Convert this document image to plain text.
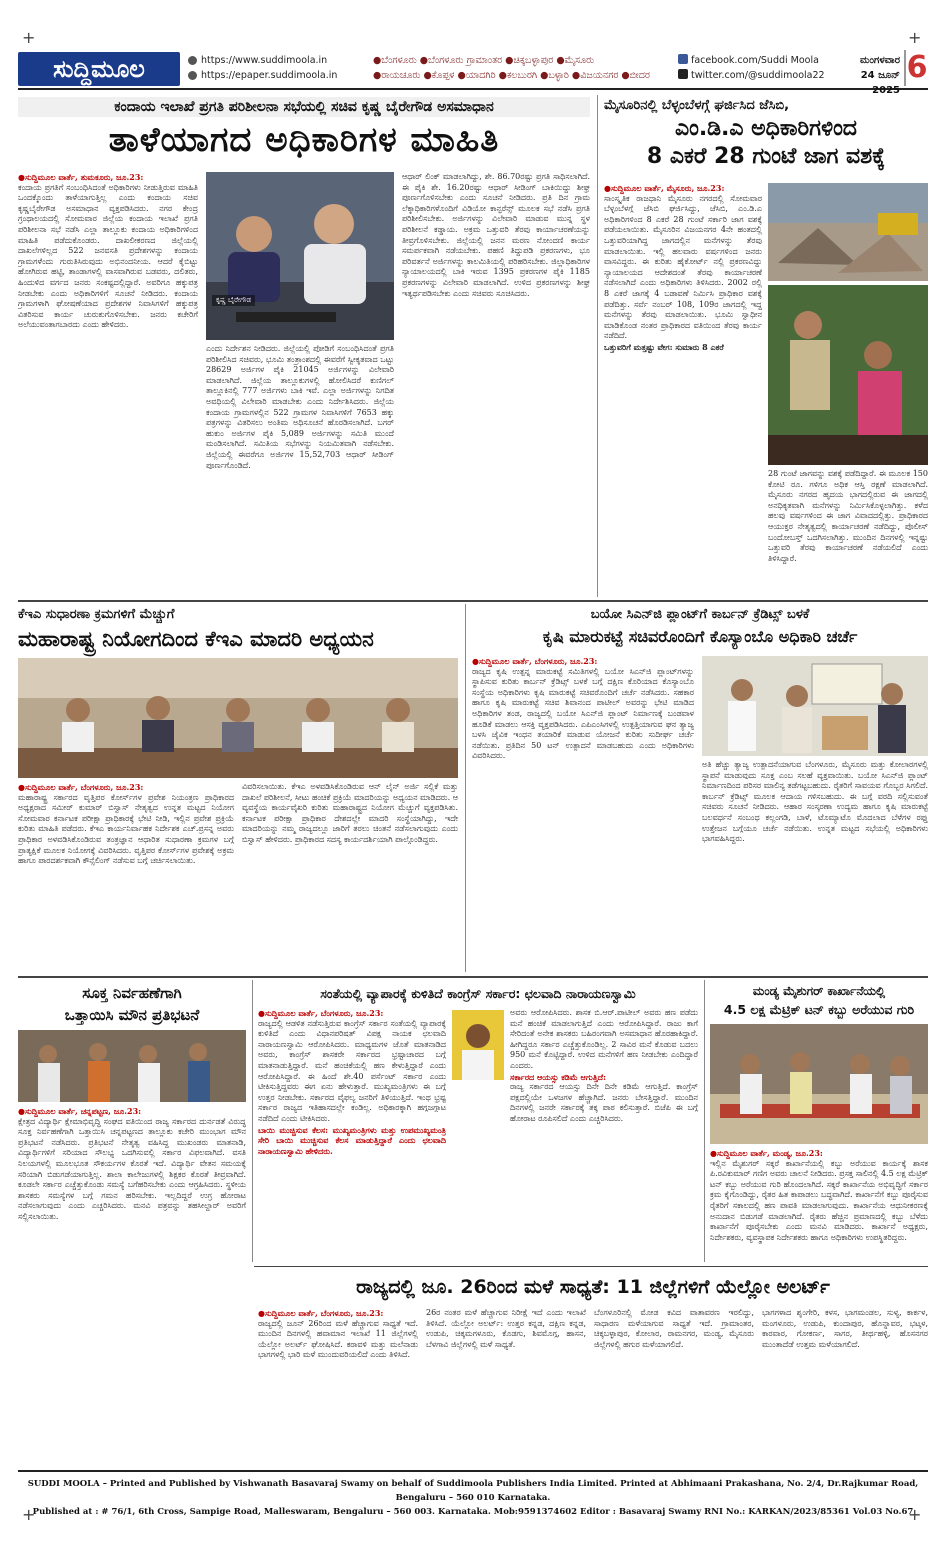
+	+
+	+
ಸುದ್ದಿಮೂಲ	https://www.suddimoola.in
https://epaper.suddimoola.in
●ಬೆಂಗಳೂರು ●ಬೆಂಗಳೂರು ಗ್ರಾಮಾಂತರ ●ಚಿಕ್ಕಬಳ್ಳಾಪುರ ●ಮೈಸೂರು
●ರಾಯಚೂರು ●ಕೊಪ್ಪಳ ●ಯಾದಗಿರಿ ●ಕಲಬುರಗಿ ●ಬಳ್ಳಾರಿ ●ವಿಜಯನಗರ ●ಬೀದರ
facebook.com/Suddi Moola
twitter.com/@suddimoola22
ಮಂಗಳವಾರ
24 ಜೂನ್ 2025
6
ಕಂದಾಯ ಇಲಾಖೆ ಪ್ರಗತಿ ಪರಿಶೀಲನಾ ಸಭೆಯಲ್ಲಿ ಸಚಿವ ಕೃಷ್ಣ ಬೈರೇಗೌಡ ಅಸಮಾಧಾನ
ತಾಳೆಯಾಗದ ಅಧಿಕಾರಿಗಳ ಮಾಹಿತಿ
●ಸುದ್ದಿಮೂಲ ವಾರ್ತೆ, ತುಮಕೂರು, ಜೂ.23:
ಕಂದಾಯ ಪ್ರಗತಿಗೆ ಸಂಬಂಧಿಸಿದಂತೆ ಅಧಿಕಾರಿಗಳು ನೀಡುತ್ತಿರುವ ಮಾಹಿತಿ ಒಂದಕ್ಕೊಂದು ತಾಳೆಯಾಗುತ್ತಿಲ್ಲ ಎಂದು ಕಂದಾಯ ಸಚಿವ ಕೃಷ್ಣಬೈರೇಗೌಡ ಅಸಮಾಧಾನ ವ್ಯಕ್ತಪಡಿಸಿದರು. ನಗರ ಕೇಂದ್ರ ಗ್ರಂಥಾಲಯದಲ್ಲಿ ಸೋಮವಾರ ಜಿಲ್ಲೆಯ ಕಂದಾಯ ಇಲಾಖೆ ಪ್ರಗತಿ ಪರಿಶೀಲನಾ ಸಭೆ ನಡೆಸಿ ಎಲ್ಲಾ ತಾಲ್ಲೂಕು ಕಂದಾಯ ಅಧಿಕಾರಿಗಳಿಂದ ಮಾಹಿತಿ ಪಡೆದುಕೊಂಡರು. ದಾಖಲೀಕರಣದ ಜಿಲ್ಲೆಯಲ್ಲಿ ದಾಖಲೆಗಳಿಲ್ಲದ 522 ಜನವಸತಿ ಪ್ರದೇಶಗಳನ್ನು ಕಂದಾಯ ಗ್ರಾಮಗಳೆಂದು ಗುರುತಿಸಿರುವುದು ಅಭಿನಂದನೀಯ. ಆದರೆ ಕೈಬಿಟ್ಟು ಹೋಗಿರುವ ಹಟ್ಟಿ, ತಾಂಡಾಗಳಲ್ಲಿ ವಾಸವಾಗಿರುವ ಬಡವರು, ದಲಿತರು, ಹಿಂದುಳಿದ ವರ್ಗದ ಜನರು ಸಂಕಷ್ಟದಲ್ಲಿದ್ದಾರೆ. ಅವರಿಗೂ ಹಕ್ಕುಪತ್ರ ನೀಡಬೇಕು ಎಂದು ಅಧಿಕಾರಿಗಳಿಗೆ ಸೂಚನೆ ನೀಡಿದರು. ಕಂದಾಯ ಗ್ರಾಮಗಳಾಗಿ ಘೋಷಣೆಯಾದ ಪ್ರದೇಶಗಳ ನಿವಾಸಿಗಳಿಗೆ ಹಕ್ಕುಪತ್ರ ವಿತರಿಸುವ ಕಾರ್ಯ ಚುರುಕುಗೊಳಿಸಬೇಕು. ಜನರು ಕಚೇರಿಗೆ ಅಲೆಯುವಂತಾಗಬಾರದು ಎಂದು ಹೇಳಿದರು.
ಕೃಷ್ಣ ಬೈರೇಗೌಡ
ಎಂದು ನಿರ್ದೇಶನ ನೀಡಿದರು. ಜಿಲ್ಲೆಯಲ್ಲಿ ಪೋಡಿಗೆ ಸಂಬಂಧಿಸಿದಂತೆ ಪ್ರಗತಿ ಪರಿಶೀಲಿಸಿದ ಸಚಿವರು, ಭೂಮಿ ತಂತ್ರಾಂಶದಲ್ಲಿ ಈವರೆಗೆ ಸ್ವೀಕೃತವಾದ ಒಟ್ಟು 28629 ಅರ್ಜಿಗಳ ಪೈಕಿ 21045 ಅರ್ಜಿಗಳನ್ನು ವಿಲೇವಾರಿ ಮಾಡಲಾಗಿದೆ. ಜಿಲ್ಲೆಯ ತಾಲ್ಲೂಕುಗಳಲ್ಲಿ ಹೋಲಿಸಿದರೆ ಕುಣಿಗಲ್ ತಾಲ್ಲೂಕಿನಲ್ಲಿ 777 ಅರ್ಜಿಗಳು ಬಾಕಿ ಇವೆ. ಎಲ್ಲಾ ಅರ್ಜಿಗಳನ್ನು ನಿಗದಿತ ಅವಧಿಯಲ್ಲಿ ವಿಲೇವಾರಿ ಮಾಡಬೇಕು ಎಂದು ನಿರ್ದೇಶಿಸಿದರು. ಜಿಲ್ಲೆಯ ಕಂದಾಯ ಗ್ರಾಮಗಳಲ್ಲಿನ 522 ಗ್ರಾಮಗಳ ನಿವಾಸಿಗಳಿಗೆ 7653 ಹಕ್ಕು ಪತ್ರಗಳನ್ನು ವಿತರಿಸಲು ಅಂತಿಮ ಅಧಿಸೂಚನೆ ಹೊರಡಿಸಲಾಗಿದೆ. ಬಗರ್ ಹುಕುಂ ಅರ್ಜಿಗಳ ಪೈಕಿ 5,089 ಅರ್ಜಿಗಳನ್ನು ಸಮಿತಿ ಮುಂದೆ ಮಂಡಿಸಲಾಗಿದೆ. ಸಮಿತಿಯ ಸಭೆಗಳನ್ನು ನಿಯಮಿತವಾಗಿ ನಡೆಸಬೇಕು. ಜಿಲ್ಲೆಯಲ್ಲಿ ಈವರೆಗೂ ಅರ್ಜಿಗಳ 15,52,703 ಆಧಾರ್ ಸೀಡಿಂಗ್ ಪೂರ್ಣಗೊಂಡಿದೆ.
ಆಧಾರ್ ಲಿಂಕ್ ಮಾಡಲಾಗಿದ್ದು, ಶೇ. 86.70ರಷ್ಟು ಪ್ರಗತಿ ಸಾಧಿಸಲಾಗಿದೆ. ಈ ಪೈಕಿ ಶೇ. 16.20ರಷ್ಟು ಆಧಾರ್ ಸೀಡಿಂಗ್ ಬಾಕಿಯಿದ್ದು ಶೀಘ್ರ ಪೂರ್ಣಗೊಳಿಸಬೇಕು ಎಂದು ಸೂಚನೆ ನೀಡಿದರು. ಪ್ರತಿ ದಿನ ಗ್ರಾಮ ಲೆಕ್ಕಾಧಿಕಾರಿಗಳೊಂದಿಗೆ ವಿಡಿಯೋ ಕಾನ್ಫರೆನ್ಸ್ ಮೂಲಕ ಸಭೆ ನಡೆಸಿ ಪ್ರಗತಿ ಪರಿಶೀಲಿಸಬೇಕು. ಅರ್ಜಿಗಳನ್ನು ವಿಲೇವಾರಿ ಮಾಡುವ ಮುನ್ನ ಸ್ಥಳ ಪರಿಶೀಲನೆ ಕಡ್ಡಾಯ. ಅಕ್ರಮ ಒತ್ತುವರಿ ತೆರವು ಕಾರ್ಯಾಚರಣೆಯನ್ನು ತೀವ್ರಗೊಳಿಸಬೇಕು. ಜಿಲ್ಲೆಯಲ್ಲಿ ಜನನ ಮರಣ ನೋಂದಣಿ ಕಾರ್ಯ ಸಮರ್ಪಕವಾಗಿ ನಡೆಯಬೇಕು. ಪಹಣಿ ತಿದ್ದುಪಡಿ ಪ್ರಕರಣಗಳು, ಭೂ ಪರಿವರ್ತನೆ ಅರ್ಜಿಗಳನ್ನು ಕಾಲಮಿತಿಯಲ್ಲಿ ಪರಿಹರಿಸಬೇಕು. ಜಿಲ್ಲಾಧಿಕಾರಿಗಳ ನ್ಯಾಯಾಲಯದಲ್ಲಿ ಬಾಕಿ ಇರುವ 1395 ಪ್ರಕರಣಗಳ ಪೈಕಿ 1185 ಪ್ರಕರಣಗಳನ್ನು ವಿಲೇವಾರಿ ಮಾಡಲಾಗಿದೆ. ಉಳಿದ ಪ್ರಕರಣಗಳನ್ನು ಶೀಘ್ರ ಇತ್ಯರ್ಥಪಡಿಸಬೇಕು ಎಂದು ಸಚಿವರು ಸೂಚಿಸಿದರು.
ಮೈಸೂರಿನಲ್ಲಿ ಬೆಳ್ಳಂಬೆಳಗ್ಗೆ ಘರ್ಜಿಸಿದ ಜೆಸಿಬಿ,
ಎಂ.ಡಿ.ಎ ಅಧಿಕಾರಿಗಳಿಂದ
8 ಎಕರೆ 28 ಗುಂಟೆ ಜಾಗ ವಶಕ್ಕೆ
●ಸುದ್ದಿಮೂಲ ವಾರ್ತೆ, ಮೈಸೂರು, ಜೂ.23:
ಸಾಂಸ್ಕೃತಿಕ ರಾಜಧಾನಿ ಮೈಸೂರು ನಗರದಲ್ಲಿ ಸೋಮವಾರ ಬೆಳ್ಳಂಬೆಳಗ್ಗೆ ಜೆಸಿಬಿ ಘರ್ಜಿಸಿದ್ದು, ಜೆಸಿಬಿ, ಎಂ.ಡಿ.ಎ ಅಧಿಕಾರಿಗಳಿಂದ 8 ಎಕರೆ 28 ಗುಂಟೆ ಸರ್ಕಾರಿ ಜಾಗ ವಶಕ್ಕೆ ಪಡೆಯಲಾಯಿತು. ಮೈಸೂರಿನ ವಿಜಯನಗರ 4ನೇ ಹಂತದಲ್ಲಿ ಒತ್ತುವರಿಯಾಗಿದ್ದ ಜಾಗದಲ್ಲಿನ ಮನೆಗಳನ್ನು ತೆರವು ಮಾಡಲಾಯಿತು. ಇಲ್ಲಿ ಹಲವಾರು ವರ್ಷಗಳಿಂದ ಜನರು ವಾಸವಿದ್ದರು. ಈ ಕುರಿತು ಹೈಕೋರ್ಟ್ ನಲ್ಲಿ ಪ್ರಕರಣವಿದ್ದು ನ್ಯಾಯಾಲಯದ ಆದೇಶದಂತೆ ತೆರವು ಕಾರ್ಯಾಚರಣೆ ನಡೆಸಲಾಗಿದೆ ಎಂದು ಅಧಿಕಾರಿಗಳು ತಿಳಿಸಿದರು. 2002 ರಲ್ಲಿ 8 ಎಕರೆ ಜಾಗಕ್ಕೆ 4 ಬಡಾವಣೆ ನಿರ್ಮಿಸಿ ಪ್ರಾಧಿಕಾರ ವಶಕ್ಕೆ ಪಡೆದಿತ್ತು. ಸರ್ವೆ ನಂಬರ್ 108, 109ರ ಜಾಗದಲ್ಲಿ ಇದ್ದ ಮನೆಗಳನ್ನು ತೆರವು ಮಾಡಲಾಯಿತು. ಭೂಮಿ ಸ್ವಾಧೀನ ಮಾಡಿಕೊಂಡ ನಂತರ ಪ್ರಾಧಿಕಾರದ ವತಿಯಿಂದ ತೆರವು ಕಾರ್ಯ ನಡೆದಿದೆ.
ಒತ್ತುವರಿಗೆ ಮತ್ತಷ್ಟು ವೇಗ: ಸುಮಾರು 8 ಎಕರೆ
28 ಗುಂಟೆ ಜಾಗವನ್ನು ವಶಕ್ಕೆ ಪಡೆದಿದ್ದಾರೆ. ಈ ಮೂಲಕ 150 ಕೋಟಿ ರೂ. ಗಳಿಗೂ ಅಧಿಕ ಆಸ್ತಿ ರಕ್ಷಣೆ ಮಾಡಲಾಗಿದೆ. ಮೈಸೂರು ನಗರದ ಹೃದಯ ಭಾಗದಲ್ಲಿರುವ ಈ ಜಾಗದಲ್ಲಿ ಅನಧಿಕೃತವಾಗಿ ಮನೆಗಳನ್ನು ನಿರ್ಮಿಸಿಕೊಳ್ಳಲಾಗಿತ್ತು. ಕಳೆದ ಹಲವು ವರ್ಷಗಳಿಂದ ಈ ಜಾಗ ವಿವಾದದಲ್ಲಿತ್ತು. ಪ್ರಾಧಿಕಾರದ ಆಯುಕ್ತರ ನೇತೃತ್ವದಲ್ಲಿ ಕಾರ್ಯಾಚರಣೆ ನಡೆದಿದ್ದು, ಪೊಲೀಸ್ ಬಂದೋಬಸ್ತ್ ಒದಗಿಸಲಾಗಿತ್ತು. ಮುಂದಿನ ದಿನಗಳಲ್ಲಿ ಇನ್ನಷ್ಟು ಒತ್ತುವರಿ ತೆರವು ಕಾರ್ಯಾಚರಣೆ ನಡೆಯಲಿದೆ ಎಂದು ತಿಳಿಸಿದ್ದಾರೆ.
ಕೆಇಎ ಸುಧಾರಣಾ ಕ್ರಮಗಳಿಗೆ ಮೆಚ್ಚುಗೆ
ಮಹಾರಾಷ್ಟ್ರ ನಿಯೋಗದಿಂದ ಕೆಇಎ ಮಾದರಿ ಅಧ್ಯಯನ
●ಸುದ್ದಿಮೂಲ ವಾರ್ತೆ, ಬೆಂಗಳೂರು, ಜೂ.23:
ಮಹಾರಾಷ್ಟ್ರ ಸರ್ಕಾರದ ವೃತ್ತಿಪರ ಕೋರ್ಸ್‌ಗಳ ಪ್ರವೇಶ ನಿಯಂತ್ರಣ ಪ್ರಾಧಿಕಾರದ ಅಧ್ಯಕ್ಷರಾದ ಸಮೀರ್ ಕುಮಾರ್ ಬಿಸ್ವಾಸ್ ನೇತೃತ್ವದ ಉನ್ನತ ಮಟ್ಟದ ನಿಯೋಗ ಸೋಮವಾರ ಕರ್ನಾಟಕ ಪರೀಕ್ಷಾ ಪ್ರಾಧಿಕಾರಕ್ಕೆ ಭೇಟಿ ನೀಡಿ, ಇಲ್ಲಿನ ಪ್ರವೇಶ ಪ್ರಕ್ರಿಯೆ ಕುರಿತು ಮಾಹಿತಿ ಪಡೆದರು. ಕೆಇಎ ಕಾರ್ಯನಿರ್ವಾಹಕ ನಿರ್ದೇಶಕ ಎಚ್.ಪ್ರಸನ್ನ ಅವರು ಪ್ರಾಧಿಕಾರ ಅಳವಡಿಸಿಕೊಂಡಿರುವ ತಂತ್ರಜ್ಞಾನ ಆಧಾರಿತ ಸುಧಾರಣಾ ಕ್ರಮಗಳ ಬಗ್ಗೆ ಪ್ರಾತ್ಯಕ್ಷಿಕೆ ಮೂಲಕ ನಿಯೋಗಕ್ಕೆ ವಿವರಿಸಿದರು. ವೃತ್ತಿಪರ ಕೋರ್ಸ್‌ಗಳ ಪ್ರವೇಶಕ್ಕೆ ಅಕ್ರಮ ಹಾಗೂ ಪಾರದರ್ಶಕವಾಗಿ ಕೌನ್ಸೆಲಿಂಗ್ ನಡೆಸುವ ಬಗ್ಗೆ ಚರ್ಚಿಸಲಾಯಿತು.
ವಿವರಿಸಲಾಯಿತು. ಕೆಇಎ ಅಳವಡಿಸಿಕೊಂಡಿರುವ ಆನ್ ಲೈನ್ ಅರ್ಜಿ ಸಲ್ಲಿಕೆ ಮತ್ತು ದಾಖಲೆ ಪರಿಶೀಲನೆ, ಸೀಟು ಹಂಚಿಕೆ ಪ್ರಕ್ರಿಯೆ ಮಾದರಿಯನ್ನು ಅಧ್ಯಯನ ಮಾಡಿದರು. ಆ ವ್ಯವಸ್ಥೆಯ ಕಾರ್ಯವೈಖರಿ ಕುರಿತು ಮಹಾರಾಷ್ಟ್ರದ ನಿಯೋಗ ಮೆಚ್ಚುಗೆ ವ್ಯಕ್ತಪಡಿಸಿತು. ಕರ್ನಾಟಕ ಪರೀಕ್ಷಾ ಪ್ರಾಧಿಕಾರ ದೇಶದಲ್ಲೇ ಮಾದರಿ ಸಂಸ್ಥೆಯಾಗಿದ್ದು, ಇದೇ ಮಾದರಿಯನ್ನು ನಮ್ಮ ರಾಜ್ಯದಲ್ಲೂ ಜಾರಿಗೆ ತರಲು ಚಿಂತನೆ ನಡೆಸಲಾಗುವುದು ಎಂದು ಬಿಸ್ವಾಸ್ ಹೇಳಿದರು. ಪ್ರಾಧಿಕಾರದ ಸದಸ್ಯ ಕಾರ್ಯದರ್ಶಿಯಾಗಿ ಪಾಲ್ಗೊಂಡಿದ್ದರು.
ಬಯೋ ಸಿಎನ್‌ಜಿ ಪ್ಲಾಂಟ್‌ಗೆ ಕಾರ್ಬನ್ ಕ್ರೆಡಿಟ್ಸ್ ಬಳಕೆ
ಕೃಷಿ ಮಾರುಕಟ್ಟೆ ಸಚಿವರೊಂದಿಗೆ ಕೊಸ್ಯಾಂಬೊ ಅಧಿಕಾರಿ ಚರ್ಚೆ
●ಸುದ್ದಿಮೂಲ ವಾರ್ತೆ, ಬೆಂಗಳೂರು, ಜೂ.23:
ರಾಜ್ಯದ ಕೃಷಿ ಉತ್ಪನ್ನ ಮಾರುಕಟ್ಟೆ ಸಮಿತಿಗಳಲ್ಲಿ ಬಯೋ ಸಿಎನ್‌ಜಿ ಪ್ಲಾಂಟ್‌ಗಳನ್ನು ಸ್ಥಾಪಿಸುವ ಕುರಿತು ಕಾರ್ಬನ್ ಕ್ರೆಡಿಟ್ಸ್ ಬಳಕೆ ಬಗ್ಗೆ ದಕ್ಷಿಣ ಕೊರಿಯಾದ ಕೊಸ್ಯಾಂಬೊ ಸಂಸ್ಥೆಯ ಅಧಿಕಾರಿಗಳು ಕೃಷಿ ಮಾರುಕಟ್ಟೆ ಸಚಿವರೊಂದಿಗೆ ಚರ್ಚೆ ನಡೆಸಿದರು. ಸಹಕಾರ ಹಾಗೂ ಕೃಷಿ ಮಾರುಕಟ್ಟೆ ಸಚಿವ ಶಿವಾನಂದ ಪಾಟೀಲ್ ಅವರನ್ನು ಭೇಟಿ ಮಾಡಿದ ಅಧಿಕಾರಿಗಳ ತಂಡ, ರಾಜ್ಯದಲ್ಲಿ ಬಯೋ ಸಿಎನ್‌ಜಿ ಪ್ಲಾಂಟ್ ನಿರ್ಮಾಣಕ್ಕೆ ಬಂಡವಾಳ ಹೂಡಿಕೆ ಮಾಡಲು ಆಸಕ್ತಿ ವ್ಯಕ್ತಪಡಿಸಿದರು. ಎಪಿಎಂಸಿಗಳಲ್ಲಿ ಉತ್ಪತ್ತಿಯಾಗುವ ಘನ ತ್ಯಾಜ್ಯ ಬಳಸಿ ಜೈವಿಕ ಇಂಧನ ತಯಾರಿಕೆ ಮಾಡುವ ಯೋಜನೆ ಕುರಿತು ಸುದೀರ್ಘ ಚರ್ಚೆ ನಡೆಯಿತು. ಪ್ರತಿದಿನ 50 ಟನ್ ಉತ್ಪಾದನೆ ಮಾಡಬಹುದು ಎಂದು ಅಧಿಕಾರಿಗಳು ವಿವರಿಸಿದರು.
ಅತಿ ಹೆಚ್ಚು ತ್ಯಾಜ್ಯ ಉತ್ಪಾದನೆಯಾಗುವ ಬೆಂಗಳೂರು, ಮೈಸೂರು ಮತ್ತು ಕೋಲಾರಗಳಲ್ಲಿ ಸ್ಥಾಪನೆ ಮಾಡುವುದು ಸೂಕ್ತ ಎಂಬ ಸಲಹೆ ವ್ಯಕ್ತವಾಯಿತು. ಬಯೋ ಸಿಎನ್‌ಜಿ ಪ್ಲಾಂಟ್ ನಿರ್ಮಾಣದಿಂದ ಪರಿಸರ ಮಾಲಿನ್ಯ ತಡೆಗಟ್ಟಬಹುದು. ರೈತರಿಗೆ ಸಾವಯವ ಗೊಬ್ಬರ ಸಿಗಲಿದೆ. ಕಾರ್ಬನ್ ಕ್ರೆಡಿಟ್ಸ್ ಮೂಲಕ ಆದಾಯ ಗಳಿಸಬಹುದು. ಈ ಬಗ್ಗೆ ವರದಿ ಸಲ್ಲಿಸುವಂತೆ ಸಚಿವರು ಸೂಚನೆ ನೀಡಿದರು. ಆಹಾರ ಸಂಸ್ಕರಣಾ ಉದ್ಯಮ ಹಾಗೂ ಕೃಷಿ ಮಾರುಕಟ್ಟೆ ಬಲವರ್ಧನೆ ಸಂಬಂಧ ಕಲ್ಲಂಗಡಿ, ಬಾಳೆ, ಟೊಮ್ಯಾಟೊ ಮೊದಲಾದ ಬೆಳೆಗಳ ರಫ್ತು ಉತ್ತೇಜನ ಬಗ್ಗೆಯೂ ಚರ್ಚೆ ನಡೆಯಿತು. ಉನ್ನತ ಮಟ್ಟದ ಸಭೆಯಲ್ಲಿ ಅಧಿಕಾರಿಗಳು ಭಾಗವಹಿಸಿದ್ದರು.
ಸೂಕ್ತ ನಿರ್ವಹಣೆಗಾಗಿ
ಒತ್ತಾಯಿಸಿ ಮೌನ ಪ್ರತಿಭಟನೆ
●ಸುದ್ದಿಮೂಲ ವಾರ್ತೆ, ಚನ್ನಪಟ್ಟಣ, ಜೂ.23:
ಕ್ಷೇತ್ರದ ವಿದ್ಯಾರ್ಥಿ ಕ್ಷೇಮಾಭಿವೃದ್ಧಿ ಸಂಘದ ವತಿಯಿಂದ ರಾಜ್ಯ ಸರ್ಕಾರದ ದುರ್ನಡತೆ ವಿರುದ್ಧ ಸೂಕ್ತ ನಿರ್ವಹಣೆಗಾಗಿ ಒತ್ತಾಯಿಸಿ ಚನ್ನಪಟ್ಟಣದ ತಾಲ್ಲೂಕು ಕಚೇರಿ ಮುಂಭಾಗ ಮೌನ ಪ್ರತಿಭಟನೆ ನಡೆಸಿದರು. ಪ್ರತಿಭಟನೆ ನೇತೃತ್ವ ವಹಿಸಿದ್ದ ಮುಖಂಡರು ಮಾತನಾಡಿ, ವಿದ್ಯಾರ್ಥಿಗಳಿಗೆ ಸರಿಯಾದ ಸೌಲಭ್ಯ ಒದಗಿಸುವಲ್ಲಿ ಸರ್ಕಾರ ವಿಫಲವಾಗಿದೆ. ವಸತಿ ನಿಲಯಗಳಲ್ಲಿ ಮೂಲಭೂತ ಸೌಕರ್ಯಗಳ ಕೊರತೆ ಇದೆ. ವಿದ್ಯಾರ್ಥಿ ವೇತನ ಸಮಯಕ್ಕೆ ಸರಿಯಾಗಿ ಬಿಡುಗಡೆಯಾಗುತ್ತಿಲ್ಲ. ಶಾಲಾ ಕಾಲೇಜುಗಳಲ್ಲಿ ಶಿಕ್ಷಕರ ಕೊರತೆ ತೀವ್ರವಾಗಿದೆ. ಕೂಡಲೇ ಸರ್ಕಾರ ಎಚ್ಚೆತ್ತುಕೊಂಡು ಸಮಸ್ಯೆ ಬಗೆಹರಿಸಬೇಕು ಎಂದು ಆಗ್ರಹಿಸಿದರು. ಸ್ಥಳೀಯ ಶಾಸಕರು ಸಮಸ್ಯೆಗಳ ಬಗ್ಗೆ ಗಮನ ಹರಿಸಬೇಕು. ಇಲ್ಲದಿದ್ದರೆ ಉಗ್ರ ಹೋರಾಟ ನಡೆಸಲಾಗುವುದು ಎಂದು ಎಚ್ಚರಿಸಿದರು. ಮನವಿ ಪತ್ರವನ್ನು ತಹಸೀಲ್ದಾರ್ ಅವರಿಗೆ ಸಲ್ಲಿಸಲಾಯಿತು.
ಸಂತೆಯಲ್ಲಿ ವ್ಯಾಪಾರಕ್ಕೆ ಕುಳಿತಿದೆ ಕಾಂಗ್ರೆಸ್ ಸರ್ಕಾರ: ಛಲವಾದಿ ನಾರಾಯಣಸ್ವಾಮಿ
●ಸುದ್ದಿಮೂಲ ವಾರ್ತೆ, ಬೆಂಗಳೂರು, ಜೂ.23:
ರಾಜ್ಯದಲ್ಲಿ ಆಡಳಿತ ನಡೆಸುತ್ತಿರುವ ಕಾಂಗ್ರೆಸ್ ಸರ್ಕಾರ ಸಂತೆಯಲ್ಲಿ ವ್ಯಾಪಾರಕ್ಕೆ ಕುಳಿತಿದೆ ಎಂದು ವಿಧಾನಪರಿಷತ್ ವಿಪಕ್ಷ ನಾಯಕ ಛಲವಾದಿ ನಾರಾಯಣಸ್ವಾಮಿ ಆರೋಪಿಸಿದರು. ಮಾಧ್ಯಮಗಳ ಜೊತೆ ಮಾತನಾಡಿದ ಅವರು, ಕಾಂಗ್ರೆಸ್ ಶಾಸಕರೇ ಸರ್ಕಾರದ ಭ್ರಷ್ಟಾಚಾರದ ಬಗ್ಗೆ ಮಾತನಾಡುತ್ತಿದ್ದಾರೆ. ಮನೆ ಹಂಚಿಕೆಯಲ್ಲಿ ಹಣ ಕೇಳುತ್ತಿದ್ದಾರೆ ಎಂದು ಆರೋಪಿಸಿದ್ದಾರೆ. ಈ ಹಿಂದೆ ಶೇ.40 ಪರ್ಸೆಂಟ್ ಸರ್ಕಾರ ಎಂದು ಟೀಕಿಸುತ್ತಿದ್ದವರು ಈಗ ಏನು ಹೇಳುತ್ತಾರೆ. ಮುಖ್ಯಮಂತ್ರಿಗಳು ಈ ಬಗ್ಗೆ ಉತ್ತರ ನೀಡಬೇಕು. ಸರ್ಕಾರದ ವೈಫಲ್ಯ ಜನರಿಗೆ ತಿಳಿಯುತ್ತಿದೆ. ಇಂಥ ಭ್ರಷ್ಟ ಸರ್ಕಾರ ರಾಜ್ಯದ ಇತಿಹಾಸದಲ್ಲೇ ಕಂಡಿಲ್ಲ. ಅಧಿಕಾರಕ್ಕಾಗಿ ಹಗ್ಗಜಗ್ಗಾಟ ನಡೆದಿದೆ ಎಂದು ಟೀಕಿಸಿದರು.
ಬಾಯಿ ಮುಚ್ಚಿಸುವ ಕೆಲಸ: ಮುಖ್ಯಮಂತ್ರಿಗಳು ಮತ್ತು ಉಪಮುಖ್ಯಮಂತ್ರಿ ಸೇರಿ ಬಾಯಿ ಮುಚ್ಚಿಸುವ ಕೆಲಸ ಮಾಡುತ್ತಿದ್ದಾರೆ ಎಂದು ಛಲವಾದಿ ನಾರಾಯಣಸ್ವಾಮಿ ಹೇಳಿದರು.
ಅವರು ಆರೋಪಿಸಿದರು. ಶಾಸಕ ಬಿ.ಆರ್.ಪಾಟೀಲ್ ಅವರು ಹಣ ಪಡೆದು ಮನೆ ಹಂಚಿಕೆ ಮಾಡಲಾಗುತ್ತಿದೆ ಎಂದು ಆರೋಪಿಸಿದ್ದಾರೆ. ರಾಜು ಕಾಗೆ ಸೇರಿದಂತೆ ಅನೇಕ ಶಾಸಕರು ಬಹಿರಂಗವಾಗಿ ಅಸಮಾಧಾನ ಹೊರಹಾಕಿದ್ದಾರೆ. ಹೀಗಿದ್ದರೂ ಸರ್ಕಾರ ಎಚ್ಚೆತ್ತುಕೊಂಡಿಲ್ಲ. 2 ಸಾವಿರ ಮನೆ ಕೊಡುವ ಬದಲು 950 ಮನೆ ಕೊಟ್ಟಿದ್ದಾರೆ. ಉಳಿದ ಮನೆಗಳಿಗೆ ಹಣ ನೀಡಬೇಕು ಎಂದಿದ್ದಾರೆ ಎಂದರು.
ಸರ್ಕಾರದ ಆಯಸ್ಸು ಕಡಿಮೆ ಆಗುತ್ತಿದೆ:
ರಾಜ್ಯ ಸರ್ಕಾರದ ಆಯಸ್ಸು ದಿನೇ ದಿನೇ ಕಡಿಮೆ ಆಗುತ್ತಿದೆ. ಕಾಂಗ್ರೆಸ್ ಪಕ್ಷದಲ್ಲಿಯೇ ಒಳಜಗಳ ಹೆಚ್ಚಾಗಿದೆ. ಜನರು ಬೇಸತ್ತಿದ್ದಾರೆ. ಮುಂದಿನ ದಿನಗಳಲ್ಲಿ ಜನರೇ ಸರ್ಕಾರಕ್ಕೆ ತಕ್ಕ ಪಾಠ ಕಲಿಸುತ್ತಾರೆ. ಬಿಜೆಪಿ ಈ ಬಗ್ಗೆ ಹೋರಾಟ ರೂಪಿಸಲಿದೆ ಎಂದು ಎಚ್ಚರಿಸಿದರು.
ಮಂಡ್ಯ ಮೈಶುಗರ್ ಕಾರ್ಖಾನೆಯಲ್ಲಿ
4.5 ಲಕ್ಷ ಮೆಟ್ರಿಕ್ ಟನ್ ಕಬ್ಬು ಅರೆಯುವ ಗುರಿ
●ಸುದ್ದಿಮೂಲ ವಾರ್ತೆ, ಮಂಡ್ಯ, ಜೂ.23:
ಇಲ್ಲಿನ ಮೈಶುಗರ್ ಸಕ್ಕರೆ ಕಾರ್ಖಾನೆಯಲ್ಲಿ ಕಬ್ಬು ಅರೆಯುವ ಕಾರ್ಯಕ್ಕೆ ಶಾಸಕ ಪಿ.ರವಿಕುಮಾರ್ ಗಣಿಗ ಅವರು ಚಾಲನೆ ನೀಡಿದರು. ಪ್ರಸಕ್ತ ಸಾಲಿನಲ್ಲಿ 4.5 ಲಕ್ಷ ಮೆಟ್ರಿಕ್ ಟನ್ ಕಬ್ಬು ಅರೆಯುವ ಗುರಿ ಹೊಂದಲಾಗಿದೆ. ಸಕ್ಕರೆ ಕಾರ್ಖಾನೆಯ ಅಭಿವೃದ್ಧಿಗೆ ಸರ್ಕಾರ ಕ್ರಮ ಕೈಗೊಂಡಿದ್ದು, ರೈತರ ಹಿತ ಕಾಪಾಡಲು ಬದ್ಧವಾಗಿದೆ. ಕಾರ್ಖಾನೆಗೆ ಕಬ್ಬು ಪೂರೈಸುವ ರೈತರಿಗೆ ಸಕಾಲದಲ್ಲಿ ಹಣ ಪಾವತಿ ಮಾಡಲಾಗುವುದು. ಕಾರ್ಖಾನೆಯ ಆಧುನೀಕರಣಕ್ಕೆ ಅನುದಾನ ಬಿಡುಗಡೆ ಮಾಡಲಾಗಿದೆ. ರೈತರು ಹೆಚ್ಚಿನ ಪ್ರಮಾಣದಲ್ಲಿ ಕಬ್ಬು ಬೆಳೆದು ಕಾರ್ಖಾನೆಗೆ ಪೂರೈಸಬೇಕು ಎಂದು ಮನವಿ ಮಾಡಿದರು. ಕಾರ್ಖಾನೆ ಅಧ್ಯಕ್ಷರು, ನಿರ್ದೇಶಕರು, ವ್ಯವಸ್ಥಾಪಕ ನಿರ್ದೇಶಕರು ಹಾಗೂ ಅಧಿಕಾರಿಗಳು ಉಪಸ್ಥಿತರಿದ್ದರು.
ರಾಜ್ಯದಲ್ಲಿ ಜೂ. 26ರಿಂದ ಮಳೆ ಸಾಧ್ಯತೆ: 11 ಜಿಲ್ಲೆಗಳಿಗೆ ಯೆಲ್ಲೋ ಅಲರ್ಟ್
●ಸುದ್ದಿಮೂಲ ವಾರ್ತೆ, ಬೆಂಗಳೂರು, ಜೂ.23:
ರಾಜ್ಯದಲ್ಲಿ ಜೂನ್ 26ರಿಂದ ಮಳೆ ಹೆಚ್ಚಾಗುವ ಸಾಧ್ಯತೆ ಇದೆ. ಮುಂದಿನ ದಿನಗಳಲ್ಲಿ ಹವಾಮಾನ ಇಲಾಖೆ 11 ಜಿಲ್ಲೆಗಳಲ್ಲಿ ಯೆಲ್ಲೋ ಅಲರ್ಟ್ ಘೋಷಿಸಿದೆ. ಕರಾವಳಿ ಮತ್ತು ಮಲೆನಾಡು ಭಾಗಗಳಲ್ಲಿ ಭಾರಿ ಮಳೆ ಮುಂದುವರಿಯಲಿದೆ ಎಂದು ತಿಳಿಸಿದೆ.
26ರ ನಂತರ ಮಳೆ ಹೆಚ್ಚಾಗುವ ನಿರೀಕ್ಷೆ ಇದೆ ಎಂದು ಇಲಾಖೆ ತಿಳಿಸಿದೆ. ಯೆಲ್ಲೋ ಅಲರ್ಟ್: ಉತ್ತರ ಕನ್ನಡ, ದಕ್ಷಿಣ ಕನ್ನಡ, ಉಡುಪಿ, ಚಿಕ್ಕಮಗಳೂರು, ಕೊಡಗು, ಶಿವಮೊಗ್ಗ, ಹಾಸನ, ಬೆಳಗಾವಿ ಜಿಲ್ಲೆಗಳಲ್ಲಿ ಮಳೆ ಸಾಧ್ಯತೆ.
ಬೆಂಗಳೂರಿನಲ್ಲಿ ಮೋಡ ಕವಿದ ವಾತಾವರಣ ಇರಲಿದ್ದು, ಸಾಧಾರಣ ಮಳೆಯಾಗುವ ಸಾಧ್ಯತೆ ಇದೆ. ಗ್ರಾಮಾಂತರ, ಚಿಕ್ಕಬಳ್ಳಾಪುರ, ಕೋಲಾರ, ರಾಮನಗರ, ಮಂಡ್ಯ, ಮೈಸೂರು ಜಿಲ್ಲೆಗಳಲ್ಲಿ ಹಗುರ ಮಳೆಯಾಗಲಿದೆ.
ಭಾಗಗಳಾದ ಶೃಂಗೇರಿ, ಕಳಸ, ಭಾಗಮಂಡಲ, ಸುಳ್ಯ, ಕಾರ್ಕಳ, ಮಂಗಳೂರು, ಉಡುಪಿ, ಕುಂದಾಪುರ, ಹೊನ್ನಾವರ, ಭಟ್ಕಳ, ಕಾರವಾರ, ಗೋಕರ್ಣ, ಸಾಗರ, ತೀರ್ಥಹಳ್ಳಿ, ಹೊಸನಗರ ಮುಂತಾದೆಡೆ ಉತ್ತಮ ಮಳೆಯಾಗಲಿದೆ.
SUDDI MOOLA – Printed and Published by Vishwanath Basavaraj Swamy on behalf of Suddimoola Publishers India Limited. Printed at Abhimaani Prakashana, No. 2/4, Dr.Rajkumar Road, Bengaluru – 560 010 Karnataka.
Published at : # 76/1, 6th Cross, Sampige Road, Malleswaram, Bengaluru – 560 003. Karnataka. Mob:9591374602 Editor : Basavaraj Swamy RNI No.: KARKAN/2023/85361 Vol.03 No.67
